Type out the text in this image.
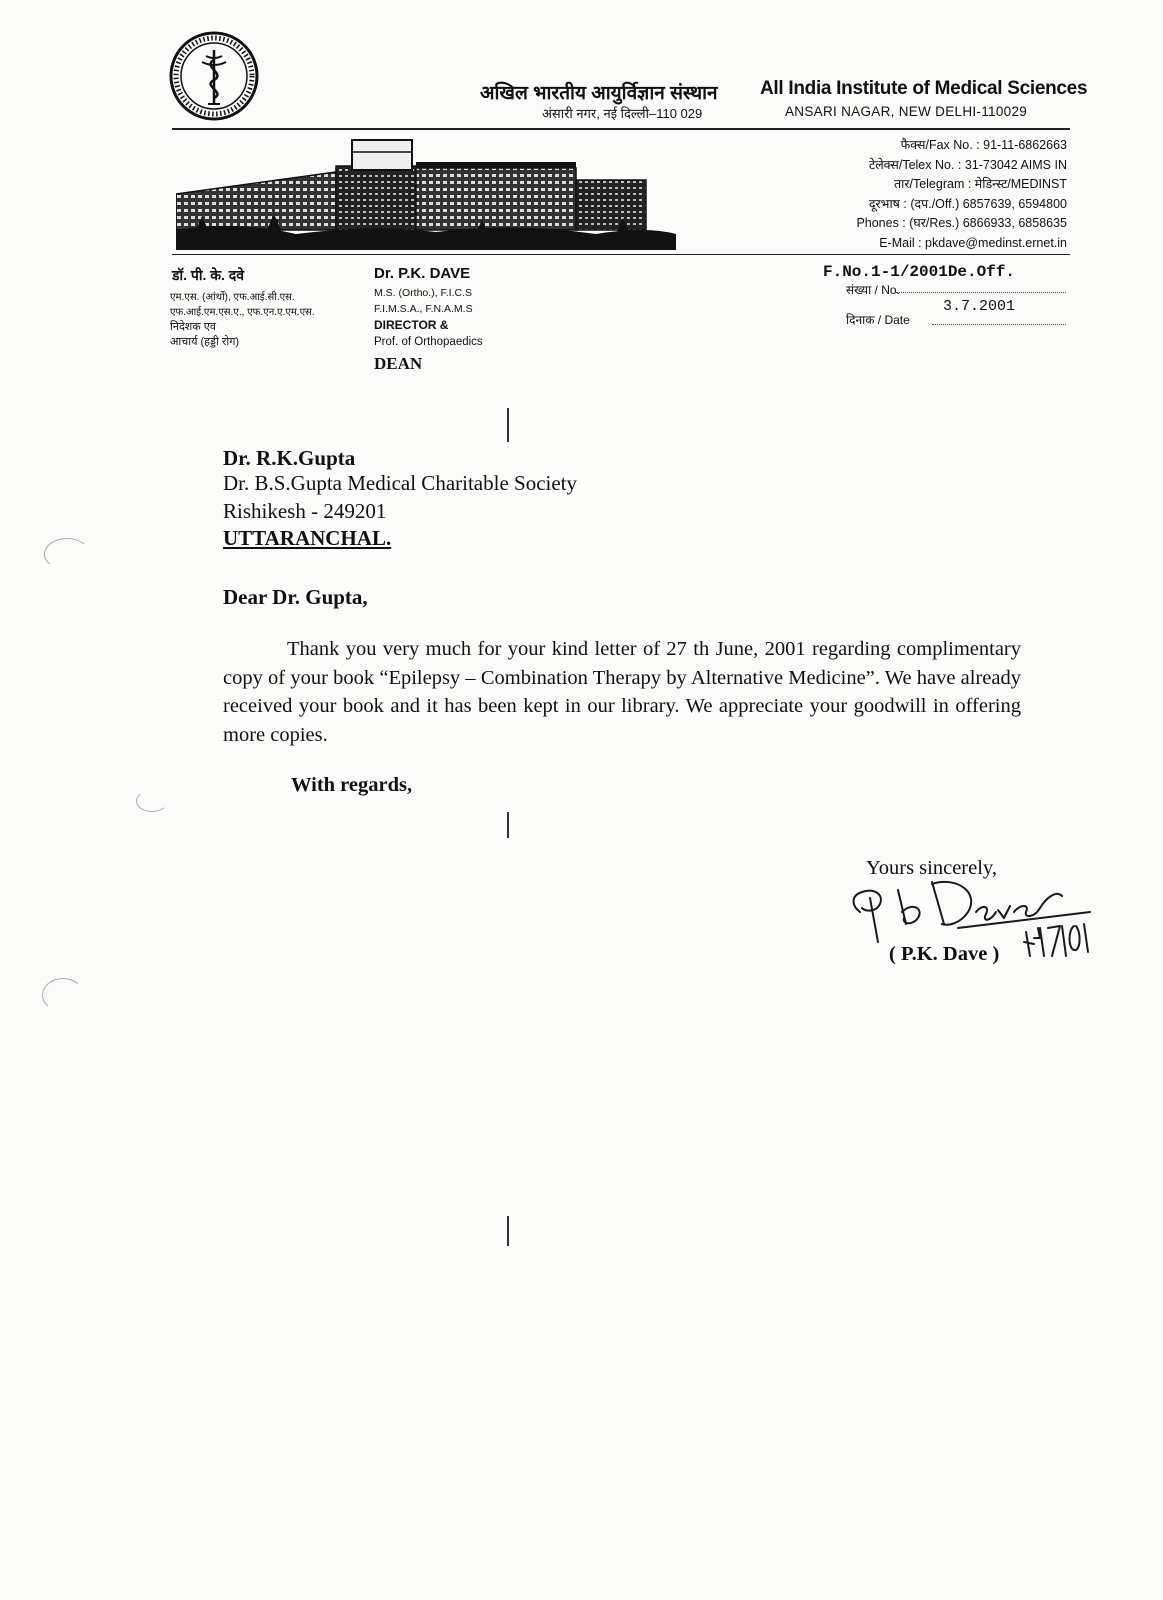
अखिल भारतीय आयुर्विज्ञान संस्थान
अंसारी नगर, नई दिल्ली–110 029
All India Institute of Medical Sciences
ANSARI NAGAR, NEW DELHI-110029
फैक्स/Fax No. : 91-11-6862663
टेलेक्स/Telex No. : 31-73042 AIMS IN
तार/Telegram : मेडिन्स्ट/MEDINST
दूरभाष : (दप./Off.) 6857639, 6594800
Phones : (घर/Res.) 6866933, 6858635
E-Mail : pkdave@medinst.ernet.in
डॉ. पी. के. दवे
एम.एस. (आंर्थो), एफ.आई.सी.एस.
एफ.आई.एम.एस.ए., एफ.एन.ए.एम.एस.
निदेशक एव
आचार्य (हड्डी रोग)
Dr. P.K. DAVE
M.S. (Ortho.), F.I.C.S
F.I.M.S.A., F.N.A.M.S
DIRECTOR &
Prof. of Orthopaedics
DEAN
F.No.1-1/2001De.Off.
संख्या / No.
3.7.2001
दिनाक / Date
Dr. R.K.Gupta
Dr. B.S.Gupta Medical Charitable Society
Rishikesh - 249201
UTTARANCHAL.
Dear Dr. Gupta,
Thank you very much for your kind letter of 27 th June, 2001 regarding complimentary copy of your book “Epilepsy – Combination Therapy by Alternative Medicine”. We have already received your book and it has been kept in our library. We appreciate your goodwill in offering more copies.
With regards,
Yours sincerely,
( P.K. Dave )
